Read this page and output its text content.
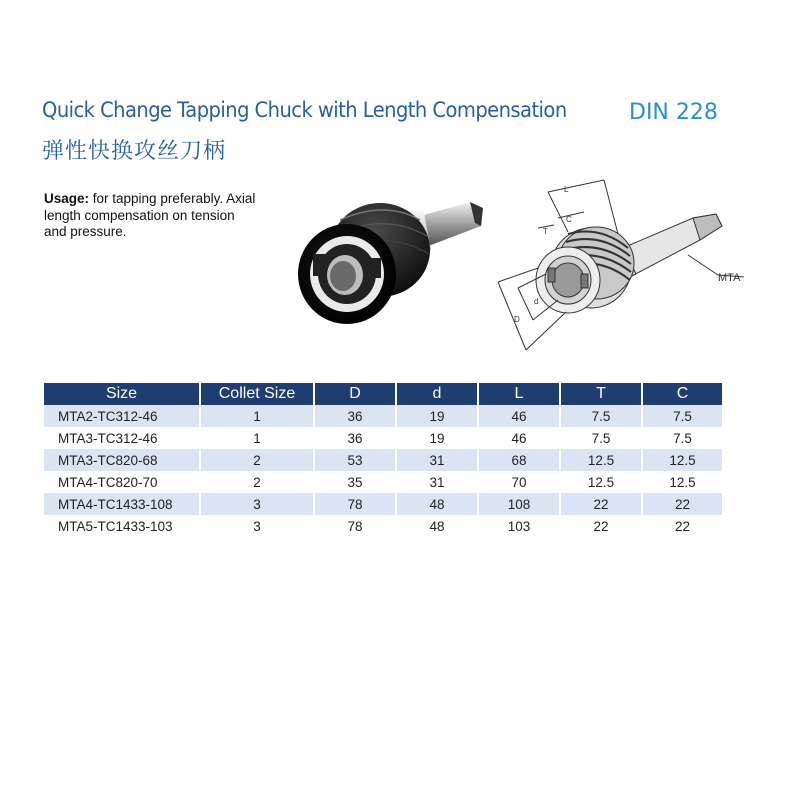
Quick Change Tapping Chuck with Length Compensation
弹性快换攻丝刀柄
DIN 228
Usage: for tapping preferably. Axial length compensation on tension and pressure.
L
T
C
D
d
MTA
Size	Collet Size	D	d	L	T	C
MTA2-TC312-46	1	36	19	46	7.5	7.5
MTA3-TC312-46	1	36	19	46	7.5	7.5
MTA3-TC820-68	2	53	31	68	12.5	12.5
MTA4-TC820-70	2	35	31	70	12.5	12.5
MTA4-TC1433-108	3	78	48	108	22	22
MTA5-TC1433-103	3	78	48	103	22	22
